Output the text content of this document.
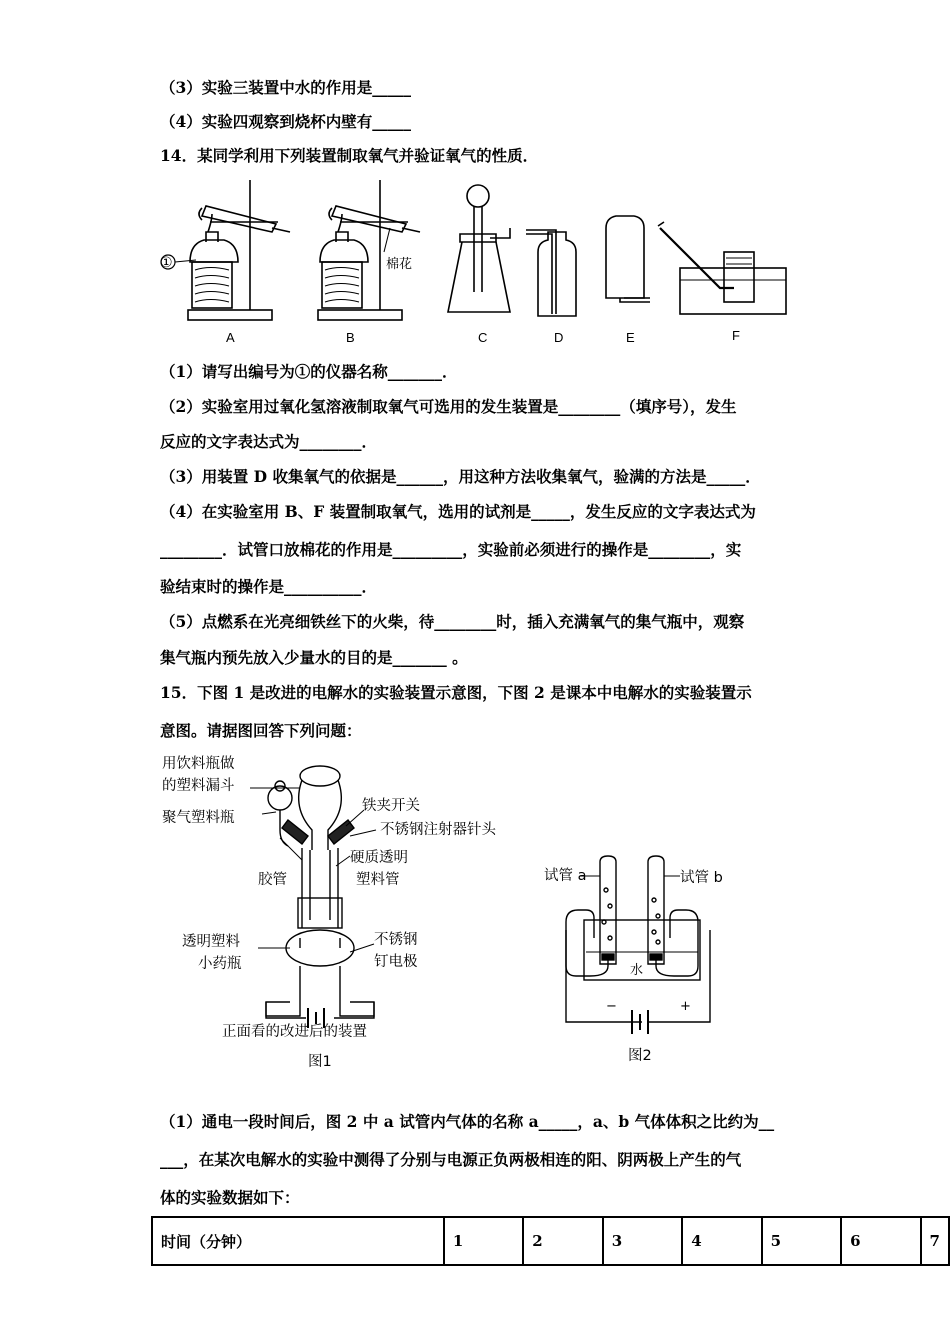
（3）实验三装置中水的作用是_____
（4）实验四观察到烧杯内壁有_____
14．某同学利用下列装置制取氧气并验证氧气的性质．
①	棉花
A	B	C	D	E	F
（1）请写出编号为①的仪器名称_______．
（2）实验室用过氧化氢溶液制取氧气可选用的发生装置是________（填序号），发生
反应的文字表达式为________．
（3）用装置 D 收集氧气的依据是______，用这种方法收集氧气，验满的方法是_____．
（4）在实验室用 B、F 装置制取氧气，选用的试剂是_____，发生反应的文字表达式为
________．试管口放棉花的作用是_________，实验前必须进行的操作是________，实
验结束时的操作是__________．
（5）点燃系在光亮细铁丝下的火柴，待________时，插入充满氧气的集气瓶中，观察
集气瓶内预先放入少量水的目的是_______ 。
15．下图 1 是改进的电解水的实验装置示意图，下图 2 是课本中电解水的实验装置示
意图。请据图回答下列问题：
用饮料瓶做
的塑料漏斗
聚气塑料瓶
铁夹开关
不锈钢注射器针头
胶管
硬质透明
塑料管
透明塑料
小药瓶
不锈钢
钉电极
正面看的改进后的装置
图1
试管 a	试管 b
水
−	+
图2
（1）通电一段时间后，图 2 中 a 试管内气体的名称 a_____，a、b 气体体积之比约为__
___，在某次电解水的实验中测得了分别与电源正负两极相连的阳、阴两极上产生的气
体的实验数据如下：
时间（分钟）	1	2	3	4	5	6	7
